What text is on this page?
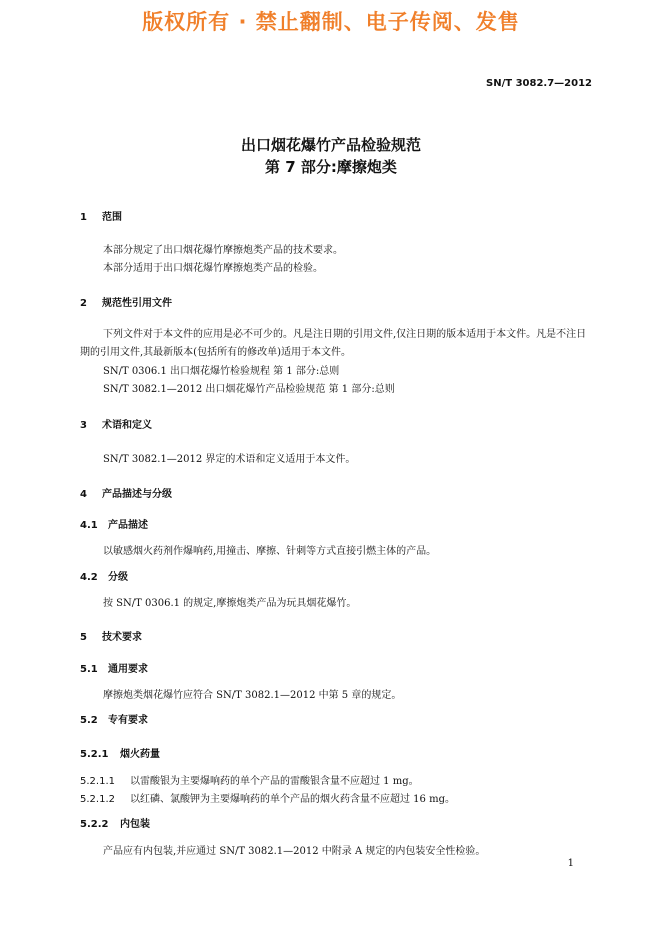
版权所有 · 禁止翻制、电子传阅、发售
SN/T 3082.7—2012
出口烟花爆竹产品检验规范
第 7 部分:摩擦炮类
1 范围
本部分规定了出口烟花爆竹摩擦炮类产品的技术要求。
本部分适用于出口烟花爆竹摩擦炮类产品的检验。
2 规范性引用文件
下列文件对于本文件的应用是必不可少的。凡是注日期的引用文件,仅注日期的版本适用于本文件。凡是不注日期的引用文件,其最新版本(包括所有的修改单)适用于本文件。
SN/T 0306.1 出口烟花爆竹检验规程 第 1 部分:总则
SN/T 3082.1—2012 出口烟花爆竹产品检验规范 第 1 部分:总则
3 术语和定义
SN/T 3082.1—2012 界定的术语和定义适用于本文件。
4 产品描述与分级
4.1 产品描述
以敏感烟火药剂作爆响药,用撞击、摩擦、针刺等方式直接引燃主体的产品。
4.2 分级
按 SN/T 0306.1 的规定,摩擦炮类产品为玩具烟花爆竹。
5 技术要求
5.1 通用要求
摩擦炮类烟花爆竹应符合 SN/T 3082.1—2012 中第 5 章的规定。
5.2 专有要求
5.2.1 烟火药量
5.2.1.1 以雷酸银为主要爆响药的单个产品的雷酸银含量不应超过 1 mg。
5.2.1.2 以红磷、氯酸钾为主要爆响药的单个产品的烟火药含量不应超过 16 mg。
5.2.2 内包装
产品应有内包装,并应通过 SN/T 3082.1—2012 中附录 A 规定的内包装安全性检验。
1
